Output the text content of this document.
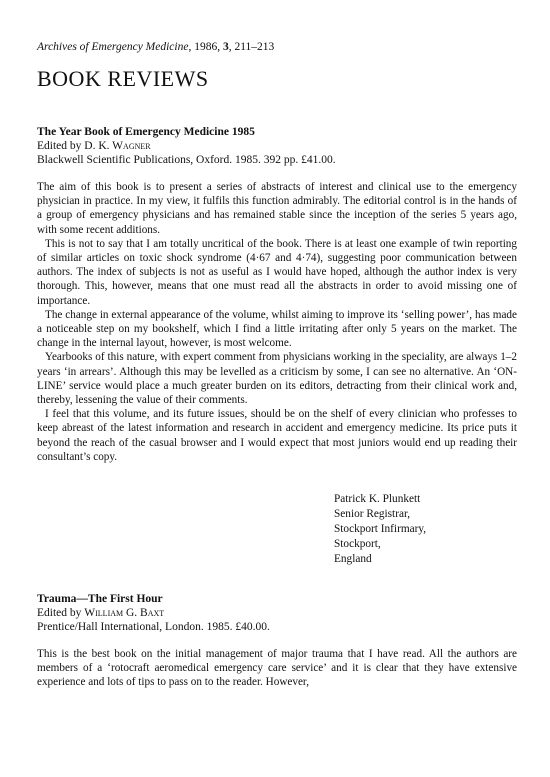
Archives of Emergency Medicine, 1986, 3, 211–213

BOOK REVIEWS

The Year Book of Emergency Medicine 1985

Edited by D. K. Wagner

Blackwell Scientific Publications, Oxford. 1985. 392 pp. £41.00.

The aim of this book is to present a series of abstracts of interest and clinical use to the emergency physician in practice. In my view, it fulfils this function admirably. The editorial control is in the hands of a group of emergency physicians and has remained stable since the inception of the series 5 years ago, with some recent additions.

This is not to say that I am totally uncritical of the book. There is at least one example of twin reporting of similar articles on toxic shock syndrome (4·67 and 4·74), suggesting poor communication between authors. The index of subjects is not as useful as I would have hoped, although the author index is very thorough. This, however, means that one must read all the abstracts in order to avoid missing one of importance.

The change in external appearance of the volume, whilst aiming to improve its ‘selling power’, has made a noticeable step on my bookshelf, which I find a little irritating after only 5 years on the market. The change in the internal layout, however, is most welcome.

Yearbooks of this nature, with expert comment from physicians working in the speciality, are always 1–2 years ‘in arrears’. Although this may be levelled as a criticism by some, I can see no alternative. An ‘ON-LINE’ service would place a much greater burden on its editors, detracting from their clinical work and, thereby, lessening the value of their comments.

I feel that this volume, and its future issues, should be on the shelf of every clinician who professes to keep abreast of the latest information and research in accident and emergency medicine. Its price puts it beyond the reach of the casual browser and I would expect that most juniors would end up reading their consultant’s copy.

Patrick K. Plunkett
Senior Registrar,
Stockport Infirmary,
Stockport,
England

Trauma—The First Hour

Edited by William G. Baxt

Prentice/Hall International, London. 1985. £40.00.

This is the best book on the initial management of major trauma that I have read. All the authors are members of a ‘rotocraft aeromedical emergency care service’ and it is clear that they have extensive experience and lots of tips to pass on to the reader. However,
